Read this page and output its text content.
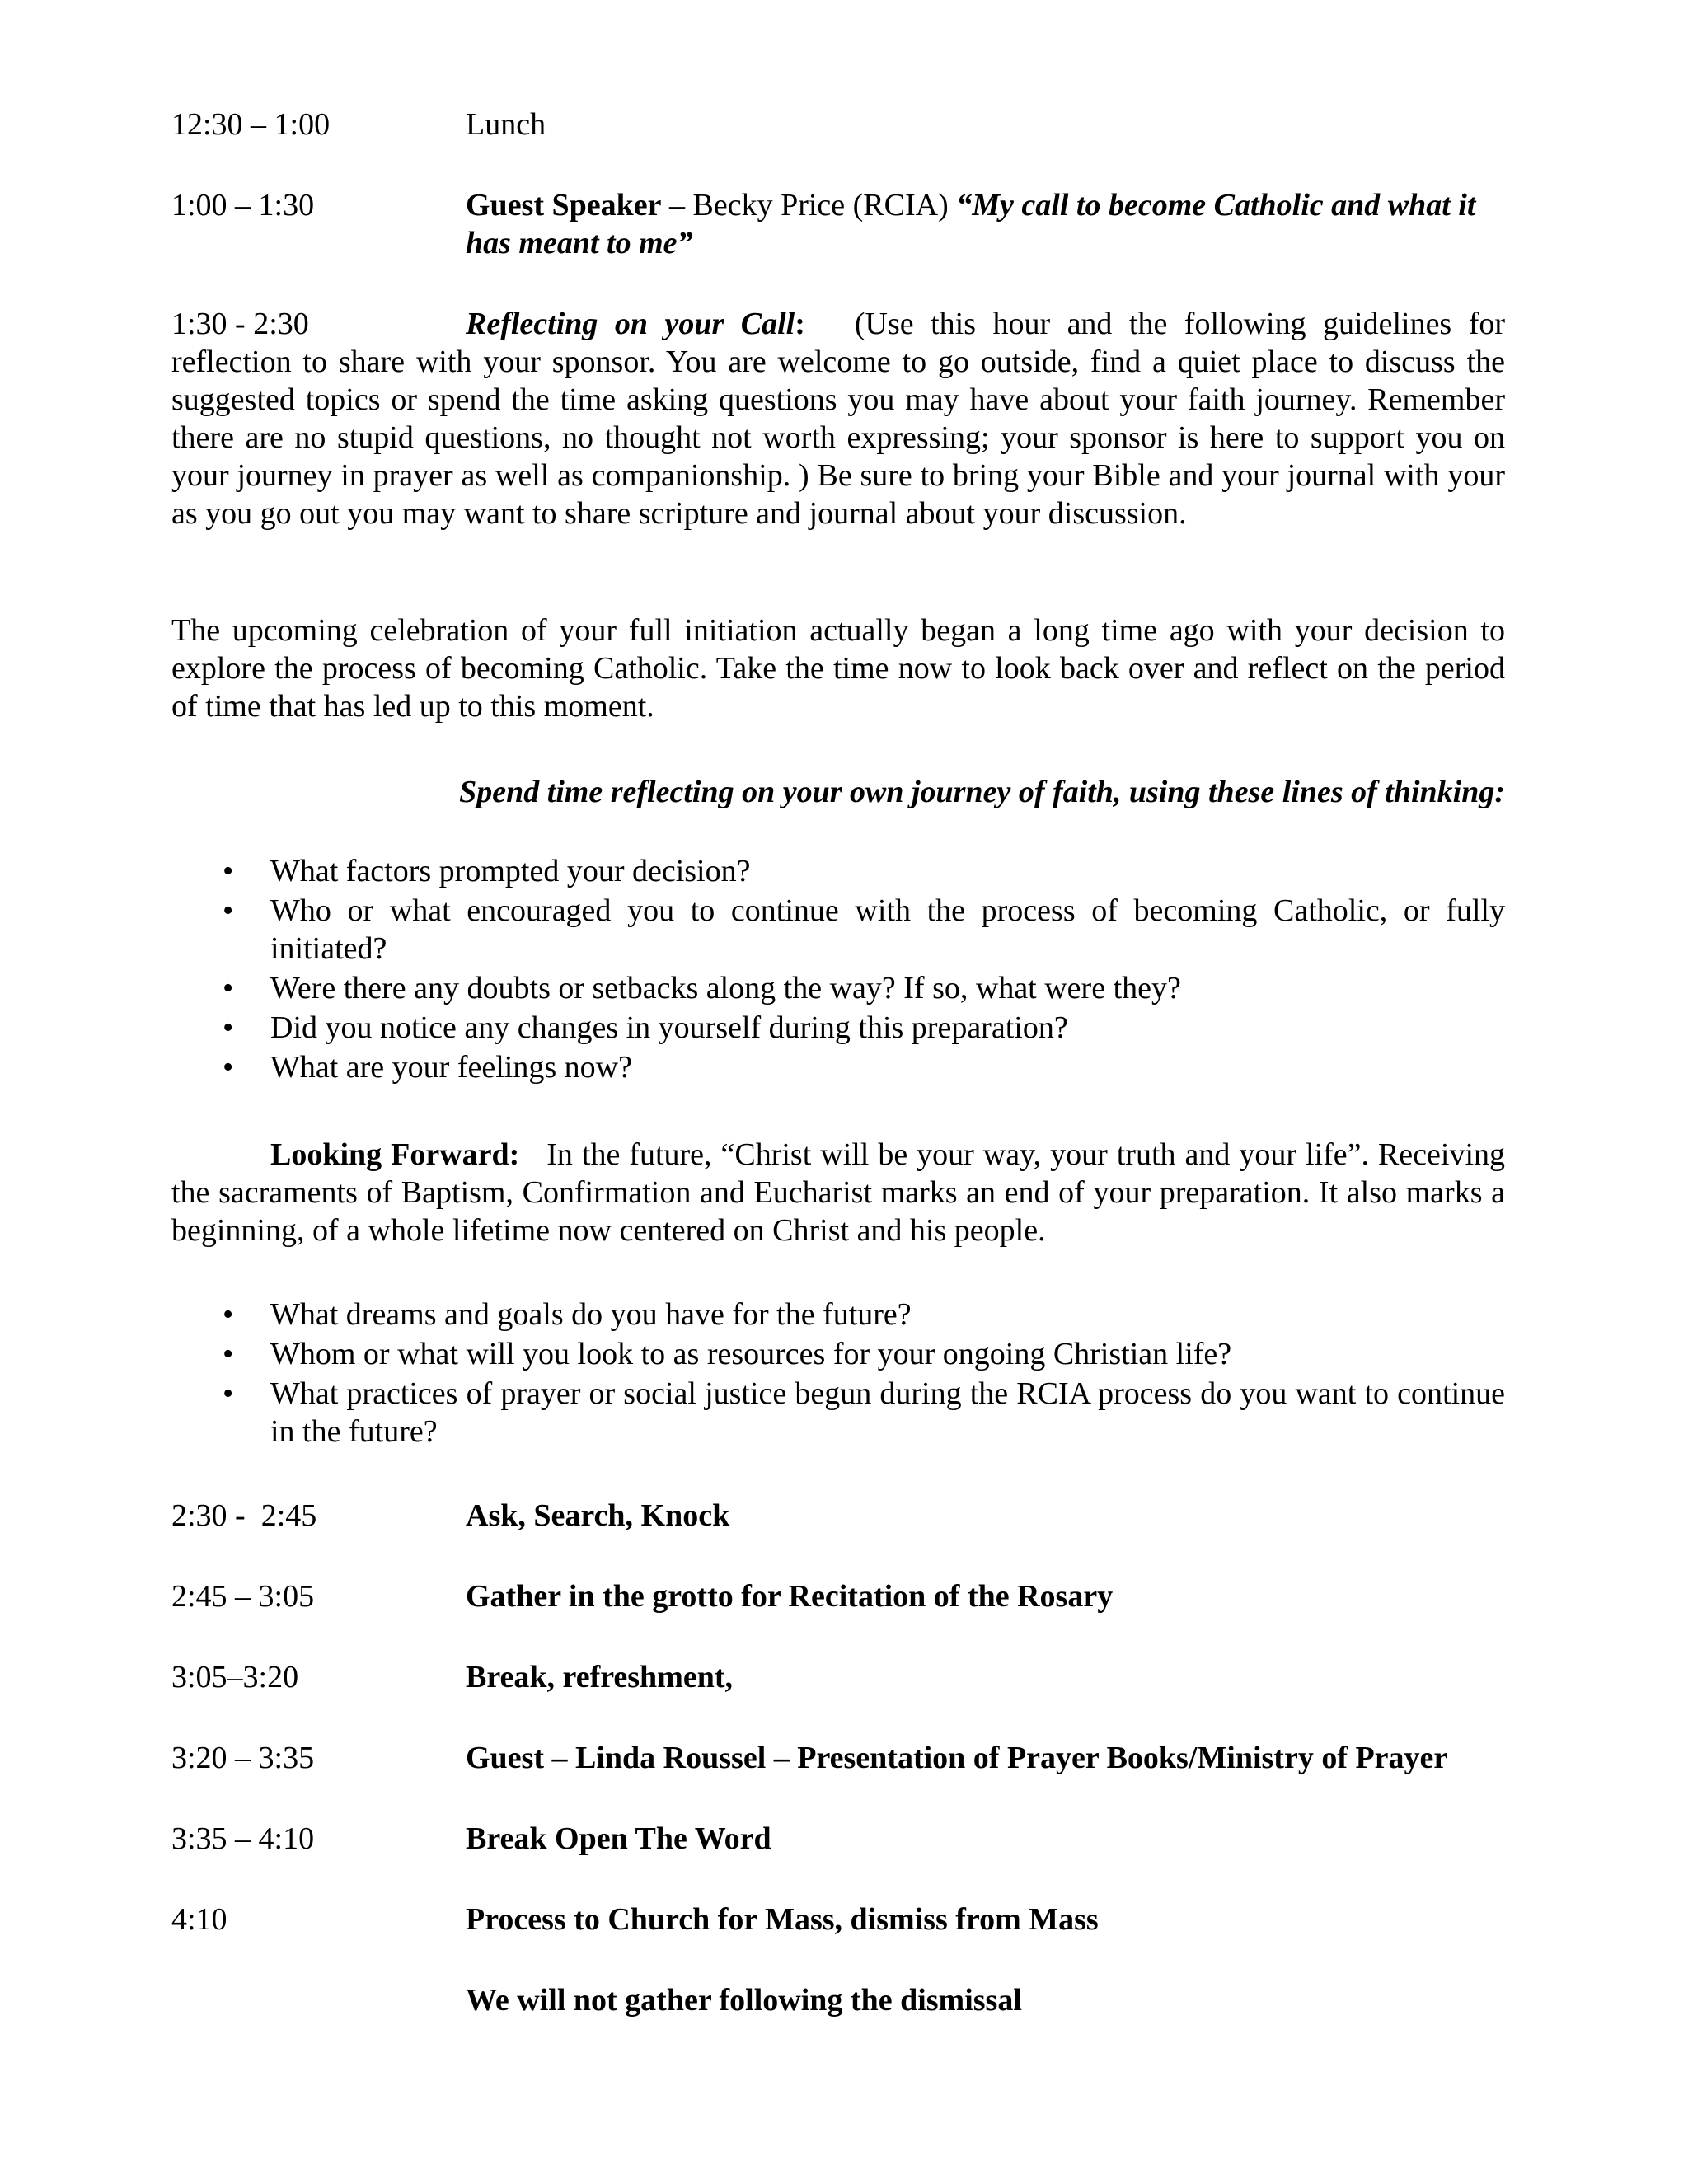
12:30 – 1:00	Lunch
1:00 – 1:30	Guest Speaker – Becky Price (RCIA) “My call to become Catholic and what it has meant to me”
1:30 - 2:30	Reflecting on your Call: (Use this hour and the following guidelines for reflection to share with your sponsor. You are welcome to go outside, find a quiet place to discuss the suggested topics or spend the time asking questions you may have about your faith journey. Remember there are no stupid questions, no thought not worth expressing; your sponsor is here to support you on your journey in prayer as well as companionship. ) Be sure to bring your Bible and your journal with your as you go out you may want to share scripture and journal about your discussion.
The upcoming celebration of your full initiation actually began a long time ago with your decision to explore the process of becoming Catholic. Take the time now to look back over and reflect on the period of time that has led up to this moment.
Spend time reflecting on your own journey of faith, using these lines of thinking:
• What factors prompted your decision?
• Who or what encouraged you to continue with the process of becoming Catholic, or fully initiated?
• Were there any doubts or setbacks along the way? If so, what were they?
• Did you notice any changes in yourself during this preparation?
• What are your feelings now?
Looking Forward: In the future, “Christ will be your way, your truth and your life”. Receiving the sacraments of Baptism, Confirmation and Eucharist marks an end of your preparation. It also marks a beginning, of a whole lifetime now centered on Christ and his people.
• What dreams and goals do you have for the future?
• Whom or what will you look to as resources for your ongoing Christian life?
• What practices of prayer or social justice begun during the RCIA process do you want to continue in the future?
2:30 -  2:45	Ask, Search, Knock
2:45 – 3:05	Gather in the grotto for Recitation of the Rosary
3:05–3:20	Break, refreshment,
3:20 – 3:35	Guest – Linda Roussel – Presentation of Prayer Books/Ministry of Prayer
3:35 – 4:10	Break Open The Word
4:10	Process to Church for Mass, dismiss from Mass
We will not gather following the dismissal
